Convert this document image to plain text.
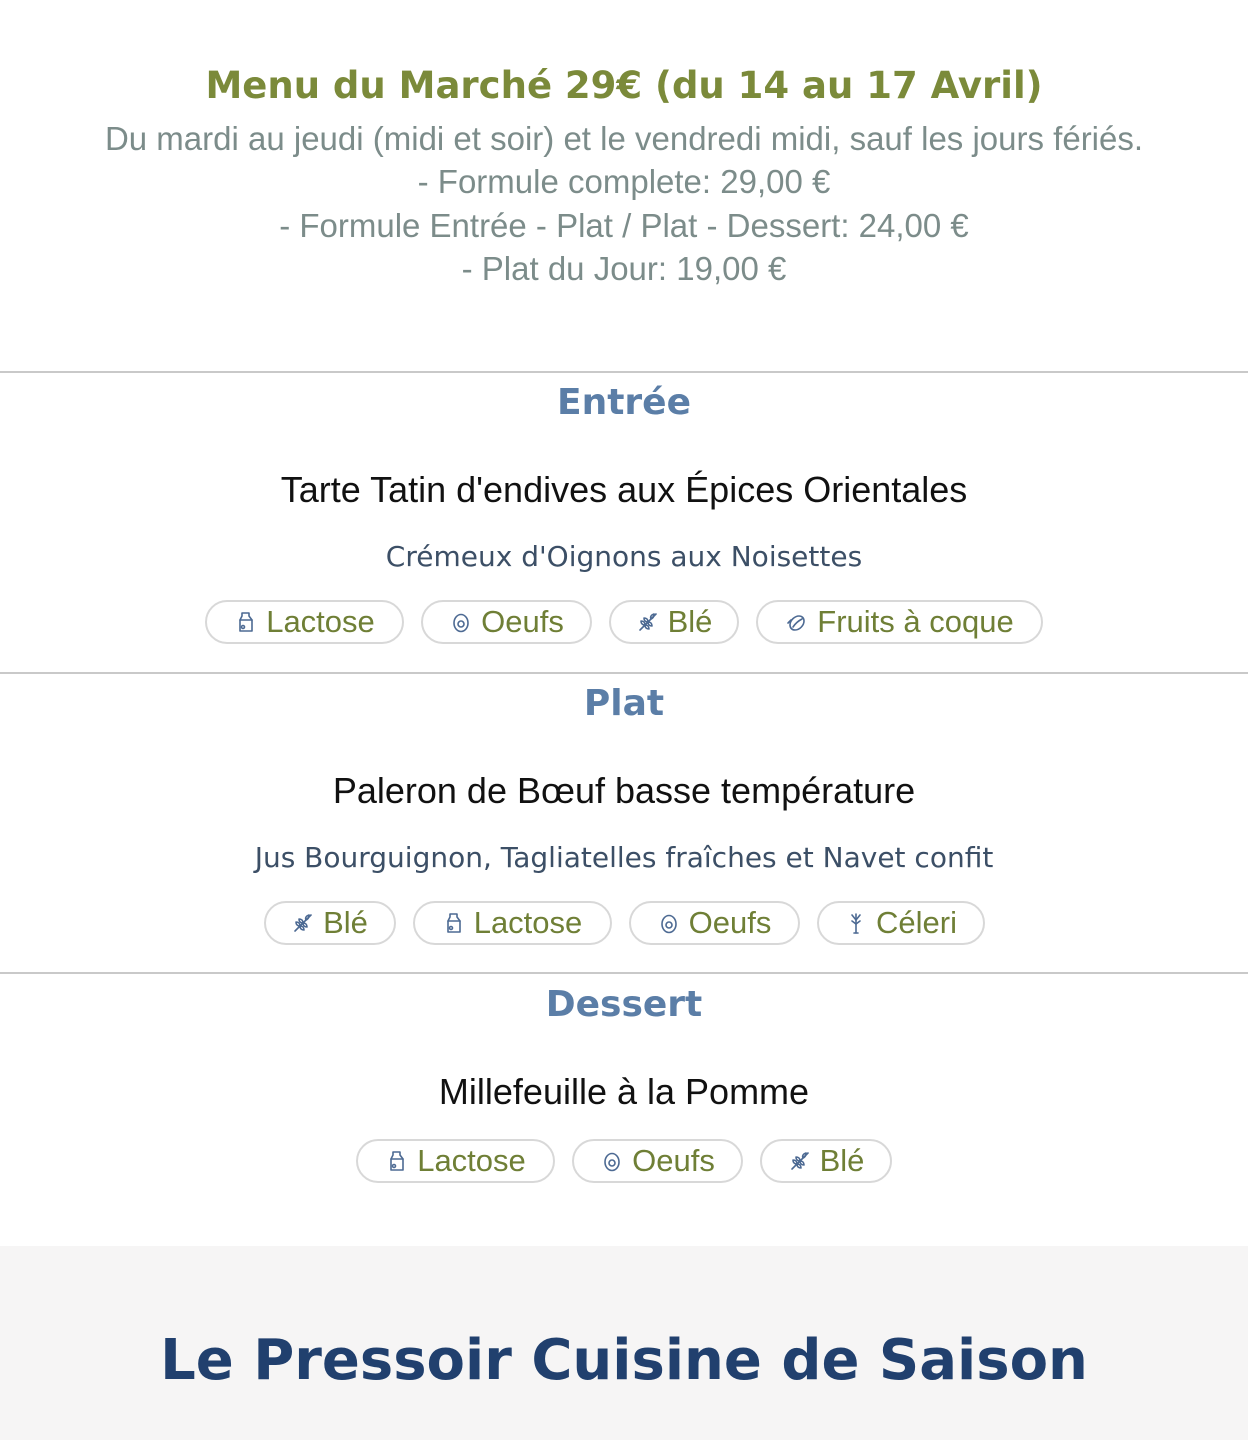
Menu du Marché 29€ (du 14 au 17 Avril)
Du mardi au jeudi (midi et soir) et le vendredi midi, sauf les jours fériés.
- Formule complete: 29,00 €
- Formule Entrée - Plat / Plat - Dessert: 24,00 €
- Plat du Jour: 19,00 €
Entrée
Tarte Tatin d'endives aux Épices Orientales
Crémeux d'Oignons aux Noisettes
Lactose	Oeufs	Blé	Fruits à coque
Plat
Paleron de Bœuf basse température
Jus Bourguignon, Tagliatelles fraîches et Navet confit
Blé	Lactose	Oeufs	Céleri
Dessert
Millefeuille à la Pomme
Lactose	Oeufs	Blé
Le Pressoir Cuisine de Saison
